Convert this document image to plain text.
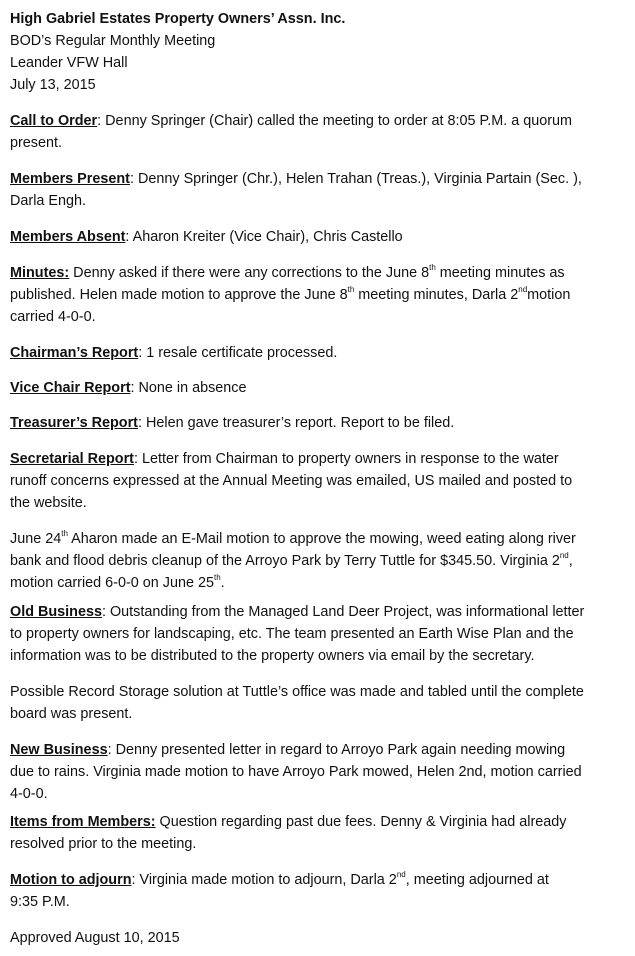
High Gabriel Estates Property Owners’ Assn. Inc.
BOD’s Regular Monthly Meeting
Leander VFW Hall
July 13, 2015
Call to Order: Denny Springer (Chair) called the meeting to order at 8:05 P.M. a quorum
present.
Members Present: Denny Springer (Chr.), Helen Trahan (Treas.), Virginia Partain (Sec. ),
Darla Engh.
Members Absent: Aharon Kreiter (Vice Chair), Chris Castello
Minutes: Denny asked if there were any corrections to the June 8th meeting minutes as
published. Helen made motion to approve the June 8th meeting minutes, Darla 2ndmotion
carried 4-0-0.
Chairman’s Report: 1 resale certificate processed.
Vice Chair Report: None in absence
Treasurer’s Report: Helen gave treasurer’s report. Report to be filed.
Secretarial Report: Letter from Chairman to property owners in response to the water
runoff concerns expressed at the Annual Meeting was emailed, US mailed and posted to
the website.
June 24th Aharon made an E-Mail motion to approve the mowing, weed eating along river
bank and flood debris cleanup of the Arroyo Park by Terry Tuttle for $345.50. Virginia 2nd,
motion carried 6-0-0 on June 25th.
Old Business: Outstanding from the Managed Land Deer Project, was informational letter
to property owners for landscaping, etc. The team presented an Earth Wise Plan and the
information was to be distributed to the property owners via email by the secretary.
Possible Record Storage solution at Tuttle’s office was made and tabled until the complete
board was present.
New Business: Denny presented letter in regard to Arroyo Park again needing mowing
due to rains. Virginia made motion to have Arroyo Park mowed, Helen 2nd, motion carried
4-0-0.
Items from Members: Question regarding past due fees. Denny & Virginia had already
resolved prior to the meeting.
Motion to adjourn: Virginia made motion to adjourn, Darla 2nd, meeting adjourned at
9:35 P.M.
Approved August 10, 2015
